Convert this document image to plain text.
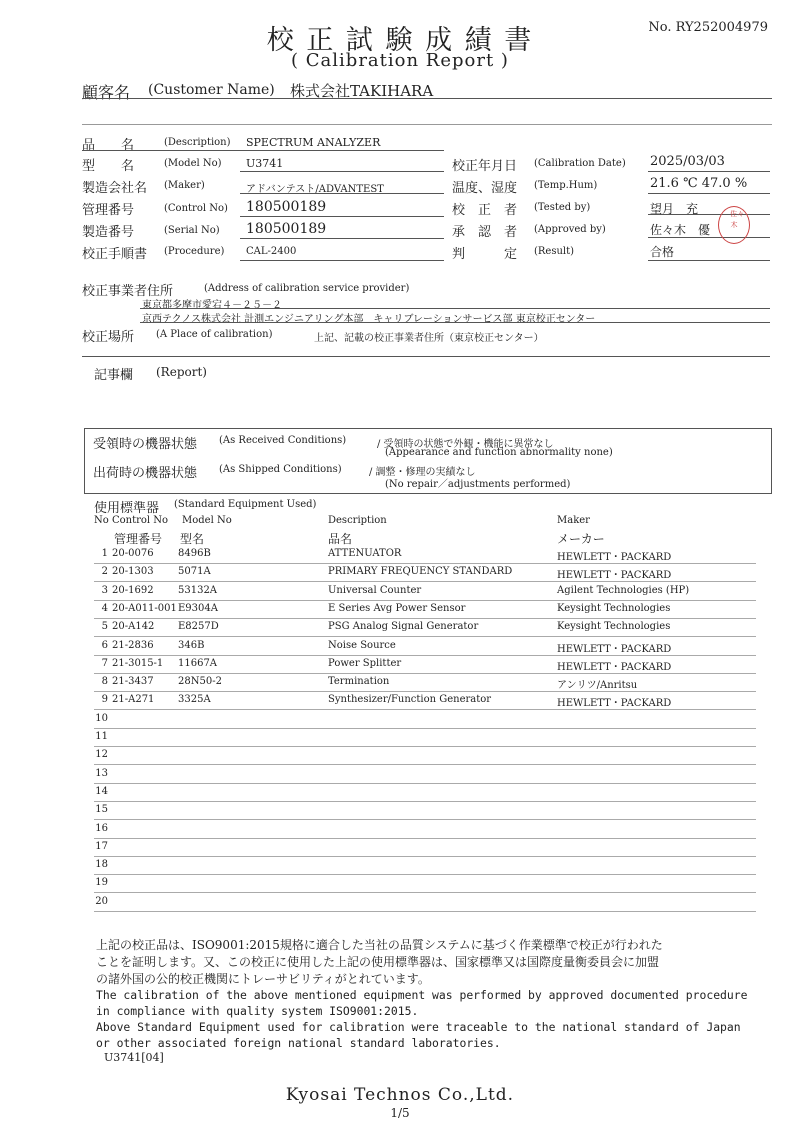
校 正 試 験 成 績 書
( Calibration Report )
No. RY252004979
顧客名 (Customer Name) 株式会社TAKIHARA
品　　名	(Description) SPECTRUM ANALYZER
型　　名	(Model No) U3741
製造会社名 (Maker)	アドバンテスト/ADVANTEST
管理番号	(Control No) 180500189
製造番号	(Serial No) 180500189
校正手順書 (Procedure) CAL-2400
校正年月日 (Calibration Date) 2025/03/03
温度、湿度 (Temp.Hum)	21.6 ℃ 47.0 %
校　正　者 (Tested by)	望月　充
承　認　者 (Approved by)	佐々木　優
判　　　定 (Result)	合格
佐々木
校正事業者住所	(Address of calibration service provider)
東京都多摩市愛宕４－２５－２
京西テクノス株式会社 計測エンジニアリング本部　キャリブレーションサービス部 東京校正センター
校正場所 (A Place of calibration)	上記、記載の校正事業者住所（東京校正センター）
記事欄 (Report)
受領時の機器状態 (As Received Conditions)	/ 受領時の状態で外観・機能に異常なし
(Appearance and function abnormality none)
出荷時の機器状態 (As Shipped Conditions)	/ 調整・修理の実績なし
(No repair／adjustments performed)
使用標準器 (Standard Equipment Used)
No Control No Model No	Description	Maker
管理番号 型名	品名	メーカー
1 20-0076 8496B	ATTENUATOR	HEWLETT・PACKARD
2 20-1303 5071A	PRIMARY FREQUENCY STANDARD	HEWLETT・PACKARD
3 20-1692 53132A	Universal Counter	Agilent Technologies (HP)
4 20-A011-001 E9304A	E Series Avg Power Sensor	Keysight Technologies
5 20-A142 E8257D	PSG Analog Signal Generator	Keysight Technologies
6 21-2836 346B	Noise Source	HEWLETT・PACKARD
7 21-3015-1 11667A	Power Splitter	HEWLETT・PACKARD
8 21-3437 28N50-2	Termination	アンリツ/Anritsu
9 21-A271 3325A	Synthesizer/Function Generator	HEWLETT・PACKARD
10
11
12
13
14
15
16
17
18
19
20
上記の校正品は、ISO9001:2015規格に適合した当社の品質システムに基づく作業標準で校正が行われた
ことを証明します。又、この校正に使用した上記の使用標準器は、国家標準又は国際度量衡委員会に加盟
の諸外国の公的校正機関にトレーサビリティがとれています。
The calibration of the above mentioned equipment was performed by approved documented procedure
in compliance with quality system ISO9001:2015.
Above Standard Equipment used for calibration were traceable to the national standard of Japan
or other associated foreign national standard laboratories.
U3741[04]
Kyosai Technos Co.,Ltd.
1/5
